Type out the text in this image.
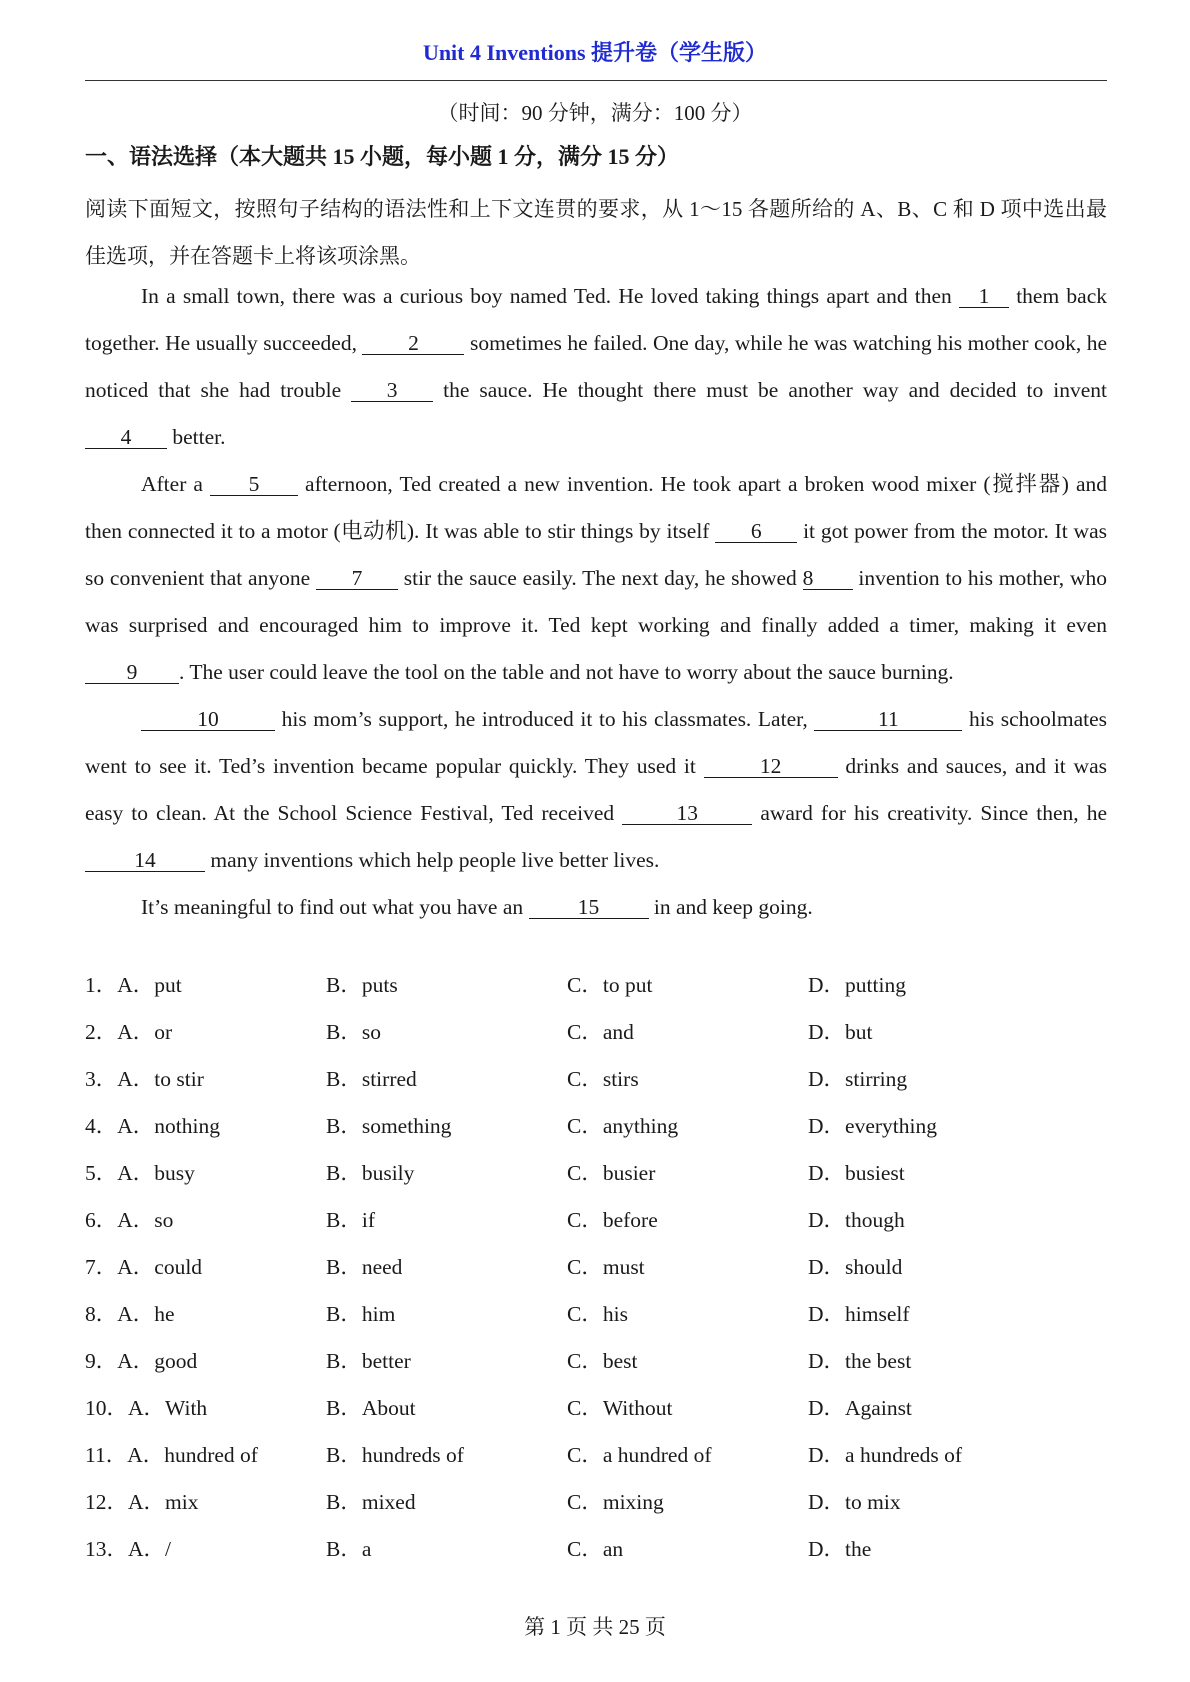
Unit 4 Inventions 提升卷（学生版）
（时间：90 分钟，满分：100 分）
一、语法选择（本大题共 15 小题，每小题 1 分，满分 15 分）
阅读下面短文，按照句子结构的语法性和上下文连贯的要求，从 1～15 各题所给的 A、B、C 和 D 项中选出最佳选项，并在答题卡上将该项涂黑。

In a small town, there was a curious boy named Ted. He loved taking things apart and then 1 them back together. He usually succeeded, 2 sometimes he failed. One day, while he was watching his mother cook, he noticed that she had trouble 3 the sauce. He thought there must be another way and decided to invent 4 better.

After a 5 afternoon, Ted created a new invention. He took apart a broken wood mixer (搅拌器) and then connected it to a motor (电动机). It was able to stir things by itself 6 it got power from the motor. It was so convenient that anyone 7 stir the sauce easily. The next day, he showed 8 invention to his mother, who was surprised and encouraged him to improve it. Ted kept working and finally added a timer, making it even 9 . The user could leave the tool on the table and not have to worry about the sauce burning.

10	his mom’s support, he introduced it to his classmates. Later,	11	his schoolmates went to see it. Ted’s invention became popular quickly. They used it	12	drinks and sauces, and it was easy to clean. At the School Science Festival, Ted received	13	award for his creativity. Since then, he 14 many inventions which help people live better lives.

It’s meaningful to find out what you have an 15 in and keep going.

1．A．put	B．puts	C．to put	D．putting
2．A．or	B．so	C．and	D．but
3．A．to stir	B．stirred	C．stirs	D．stirring
4．A．nothing	B．something	C．anything	D．everything
5．A．busy	B．busily	C．busier	D．busiest
6．A．so	B．if	C．before	D．though
7．A．could	B．need	C．must	D．should
8．A．he	B．him	C．his	D．himself
9．A．good	B．better	C．best	D．the best
10．A．With	B．About	C．Without	D．Against
11．A．hundred of	B．hundreds of	C．a hundred of	D．a hundreds of
12．A．mix	B．mixed	C．mixing	D．to mix
13．A．/	B．a	C．an	D．the
第 1 页 共 25 页
